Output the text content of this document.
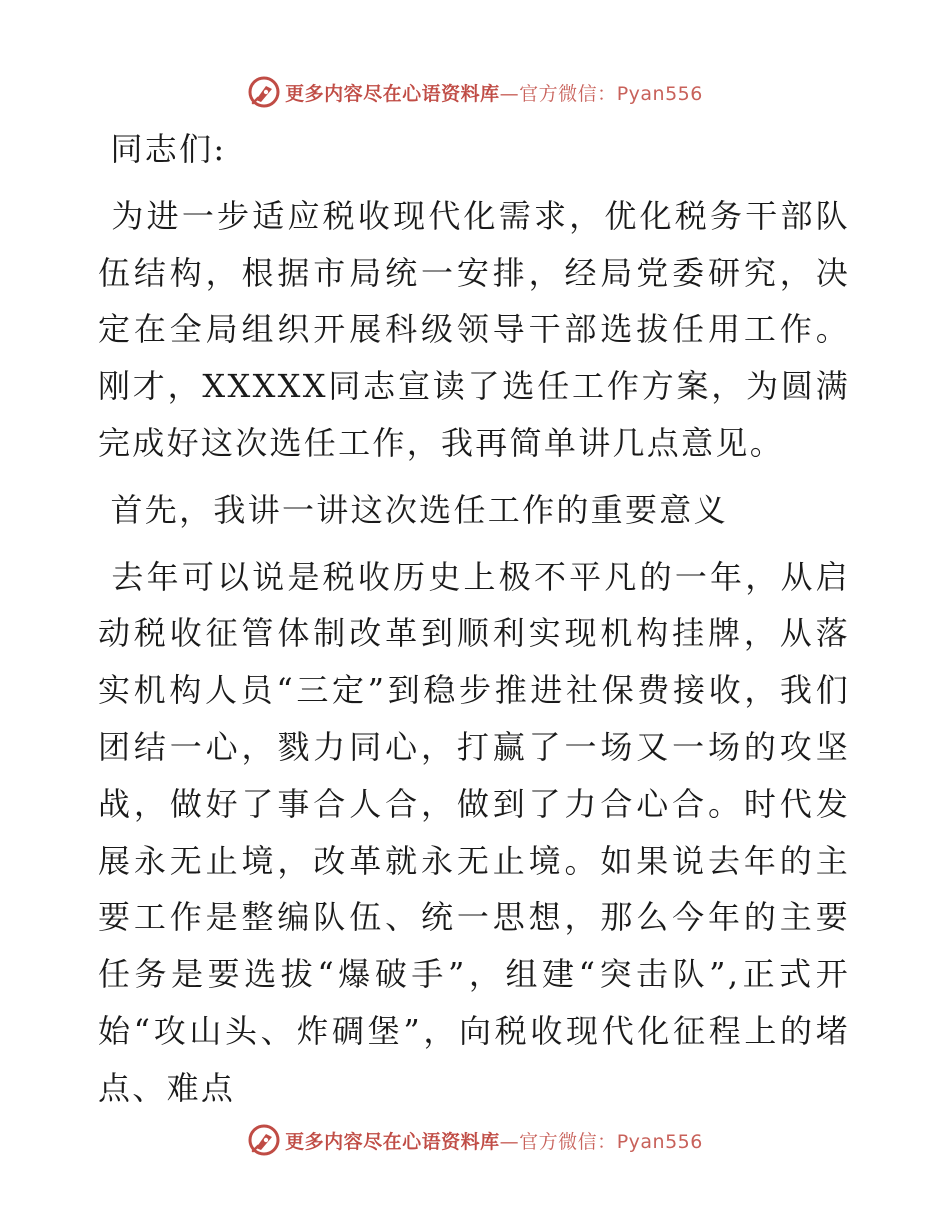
更多内容尽在心语资料库—官方微信：Pyan556

同志们:

为进一步适应税收现代化需求，优化税务干部队伍结构，根据市局统一安排，经局党委研究，决定在全局组织开展科级领导干部选拔任用工作。刚才，XXXXX同志宣读了选任工作方案，为圆满完成好这次选任工作，我再简单讲几点意见。

首先，我讲一讲这次选任工作的重要意义

去年可以说是税收历史上极不平凡的一年，从启动税收征管体制改革到顺利实现机构挂牌，从落实机构人员“三定”到稳步推进社保费接收，我们团结一心，戮力同心，打赢了一场又一场的攻坚战，做好了事合人合，做到了力合心合。时代发展永无止境，改革就永无止境。如果说去年的主要工作是整编队伍、统一思想，那么今年的主要任务是要选拔“爆破手”，组建“突击队”,正式开始“攻山头、炸碉堡”，向税收现代化征程上的堵点、难点

更多内容尽在心语资料库—官方微信：Pyan556
